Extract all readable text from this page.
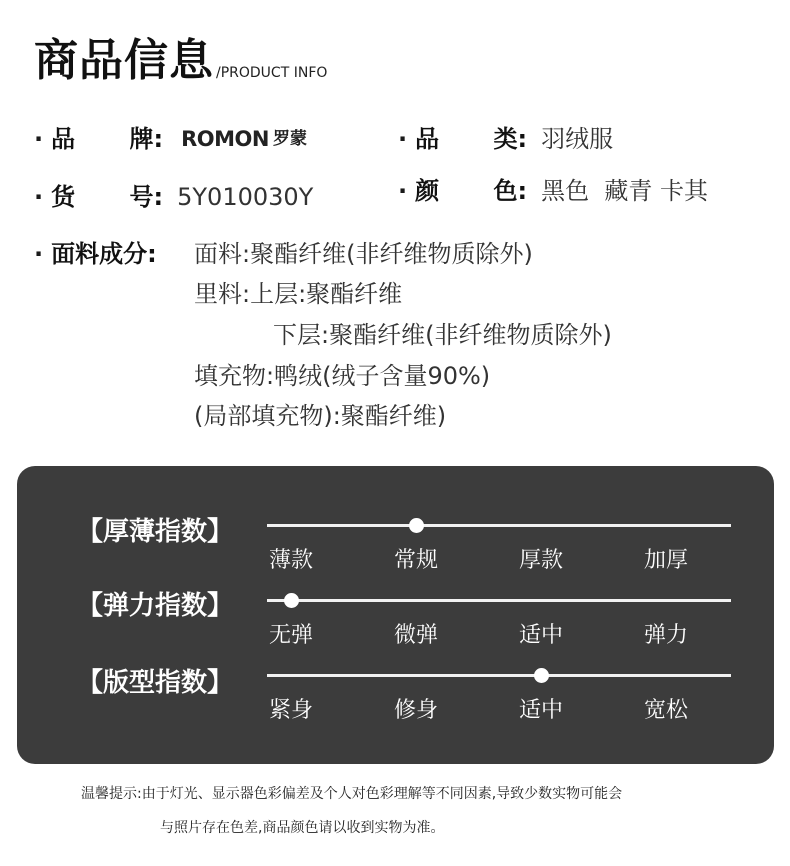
商品信息 /PRODUCT INFO
· 品 牌: ROMON 罗蒙	· 品 类: 羽绒服
· 货 号: 5Y010030Y	· 颜 色: 黑色  藏青 卡其
· 面料成分: 面料:聚酯纤维(非纤维物质除外)
里料:上层:聚酯纤维
下层:聚酯纤维(非纤维物质除外)
填充物:鸭绒(绒子含量90%)
(局部填充物):聚酯纤维)
【厚薄指数】
薄款	常规	厚款	加厚
【弹力指数】
无弹	微弹	适中	弹力
【版型指数】
紧身	修身	适中	宽松
温馨提示:由于灯光、显示器色彩偏差及个人对色彩理解等不同因素,导致少数实物可能会
与照片存在色差,商品颜色请以收到实物为准。
